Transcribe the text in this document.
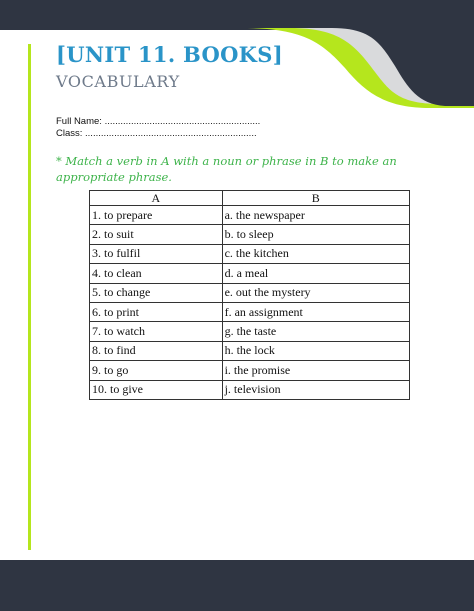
[UNIT 11. BOOKS]
VOCABULARY
Full Name: ...........................................................
Class: .................................................................
* Match a verb in A with a noun or phrase in B to make an appropriate phrase.
A	B
1. to prepare	a. the newspaper
2. to suit	b. to sleep
3. to fulfil	c. the kitchen
4. to clean	d. a meal
5. to change	e. out the mystery
6. to print	f. an assignment
7. to watch	g. the taste
8. to find	h. the lock
9. to go	i. the promise
10. to give	j. television
